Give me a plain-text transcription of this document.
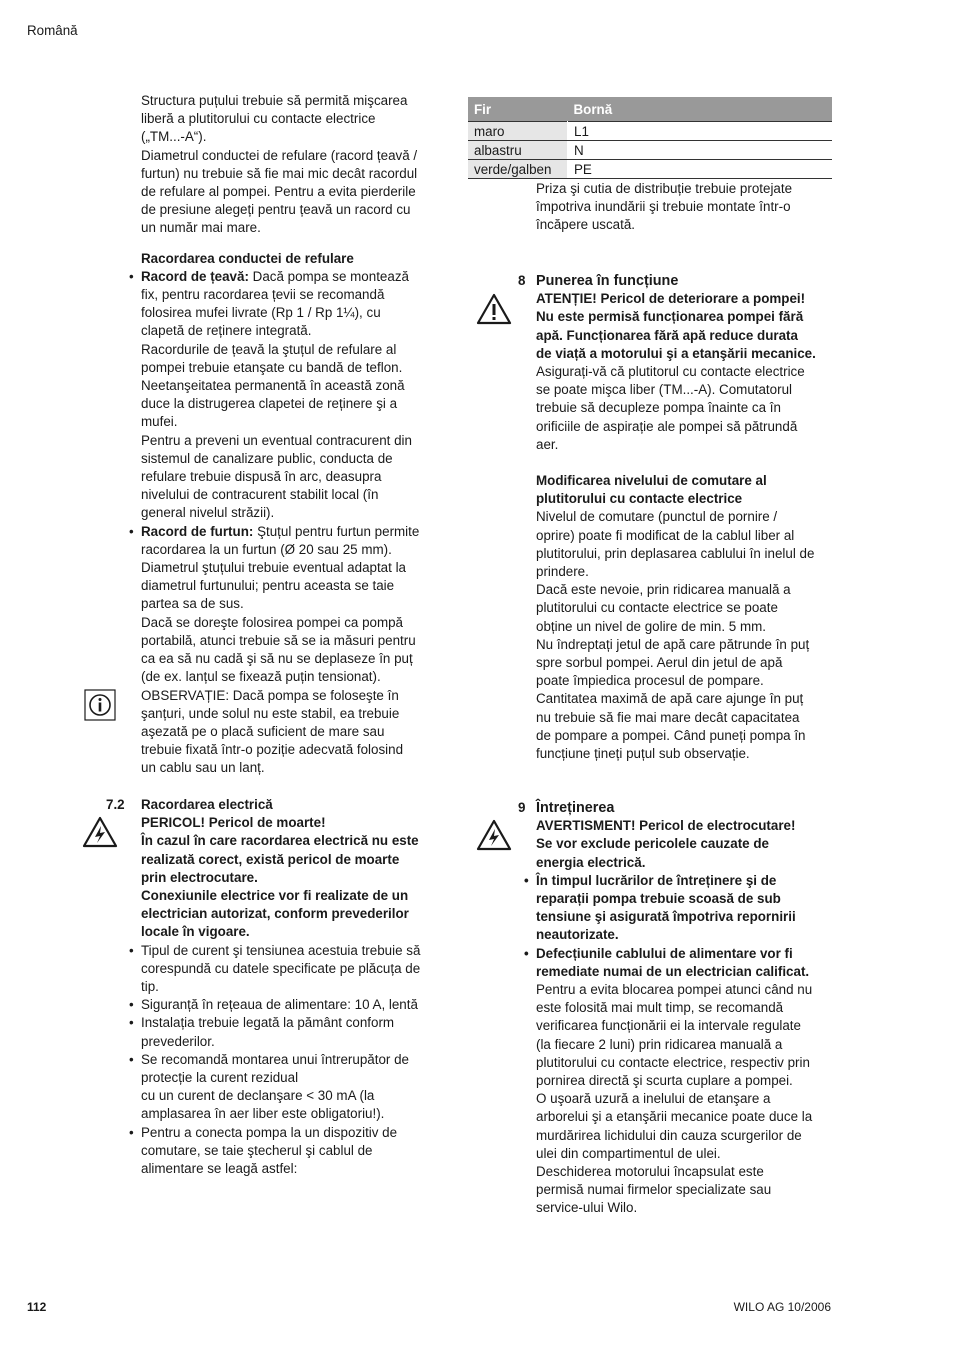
Română
112	WILO AG 10/2006
Structura puțului trebuie să permită mişcarea
liberă a plutitorului cu contacte electrice
(„TM...-A“).
Diametrul conductei de refulare (racord țeavă /
furtun) nu trebuie să fie mai mic decât racordul
de refulare al pompei. Pentru a evita pierderile
de presiune alegeți pentru țeavă un racord cu
un număr mai mare.
Racordarea conductei de refulare
• Racord de țeavă: Dacă pompa se montează
fix, pentru racordarea țevii se recomandă
folosirea mufei livrate (Rp 1 / Rp 1¼), cu
clapetă de reținere integrată.
Racordurile de țeavă la ştuțul de refulare al
pompei trebuie etanşate cu bandă de teflon.
Neetanşeitatea permanentă în această zonă
duce la distrugerea clapetei de reținere şi a
mufei.
Pentru a preveni un eventual contracurent din
sistemul de canalizare public, conducta de
refulare trebuie dispusă în arc, deasupra
nivelului de contracurent stabilit local (în
general nivelul străzii).
• Racord de furtun: Ştuțul pentru furtun permite
racordarea la un furtun (Ø 20 sau 25 mm).
Diametrul ştuțului trebuie eventual adaptat la
diametrul furtunului; pentru aceasta se taie
partea sa de sus.
Dacă se doreşte folosirea pompei ca pompă
portabilă, atunci trebuie să se ia măsuri pentru
ca ea să nu cadă şi să nu se deplaseze în puț
(de ex. lanțul se fixează puțin tensionat).
OBSERVAȚIE: Dacă pompa se foloseşte în
şanțuri, unde solul nu este stabil, ea trebuie
aşezată pe o placă suficient de mare sau
trebuie fixată într-o poziție adecvată folosind
un cablu sau un lanț.
7.2 Racordarea electrică
PERICOL! Pericol de moarte!
În cazul în care racordarea electrică nu este
realizată corect, există pericol de moarte
prin electrocutare.
Conexiunile electrice vor fi realizate de un
electrician autorizat, conform prevederilor
locale în vigoare.
• Tipul de curent şi tensiunea acestuia trebuie să
corespundă cu datele specificate pe plăcuța de
tip.
• Siguranță în rețeaua de alimentare: 10 A, lentă
• Instalația trebuie legată la pământ conform
prevederilor.
• Se recomandă montarea unui întrerupător de
protecție la curent rezidual
cu un curent de declanşare < 30 mA (la
amplasarea în aer liber este obligatoriu!).
• Pentru a conecta pompa la un dispozitiv de
comutare, se taie ştecherul şi cablul de
alimentare se leagă astfel:
Fir	Bornă
maro	L1
albastru	N
verde/galben	PE
Priza şi cutia de distribuție trebuie protejate
împotriva inundării şi trebuie montate într-o
încăpere uscată.
8 Punerea în funcțiune
ATENȚIE! Pericol de deteriorare a pompei!
Nu este permisă funcționarea pompei fără
apă. Funcționarea fără apă reduce durata
de viață a motorului şi a etanşării mecanice.
Asigurați-vă că plutitorul cu contacte electrice
se poate mişca liber (TM...-A). Comutatorul
trebuie să decupleze pompa înainte ca în
orificiile de aspirație ale pompei să pătrundă
aer.
Modificarea nivelului de comutare al
plutitorului cu contacte electrice
Nivelul de comutare (punctul de pornire /
oprire) poate fi modificat de la cablul liber al
plutitorului, prin deplasarea cablului în inelul de
prindere.
Dacă este nevoie, prin ridicarea manuală a
plutitorului cu contacte electrice se poate
obține un nivel de golire de min. 5 mm.
Nu îndreptați jetul de apă care pătrunde în puț
spre sorbul pompei. Aerul din jetul de apă
poate împiedica procesul de pompare.
Cantitatea maximă de apă care ajunge în puț
nu trebuie să fie mai mare decât capacitatea
de pompare a pompei. Când puneți pompa în
funcțiune țineți puțul sub observație.
9 Întreținerea
AVERTISMENT! Pericol de electrocutare!
Se vor exclude pericolele cauzate de
energia electrică.
• În timpul lucrărilor de întreținere şi de
reparații pompa trebuie scoasă de sub
tensiune şi asigurată împotriva repornirii
neautorizate.
• Defecțiunile cablului de alimentare vor fi
remediate numai de un electrician calificat.
Pentru a evita blocarea pompei atunci când nu
este folosită mai mult timp, se recomandă
verificarea funcționării ei la intervale regulate
(la fiecare 2 luni) prin ridicarea manuală a
plutitorului cu contacte electrice, respectiv prin
pornirea directă şi scurta cuplare a pompei.
O uşoară uzură a inelului de etanşare a
arborelui şi a etanşării mecanice poate duce la
murdărirea lichidului din cauza scurgerilor de
ulei din compartimentul de ulei.
Deschiderea motorului încapsulat este
permisă numai firmelor specializate sau
service-ului Wilo.
